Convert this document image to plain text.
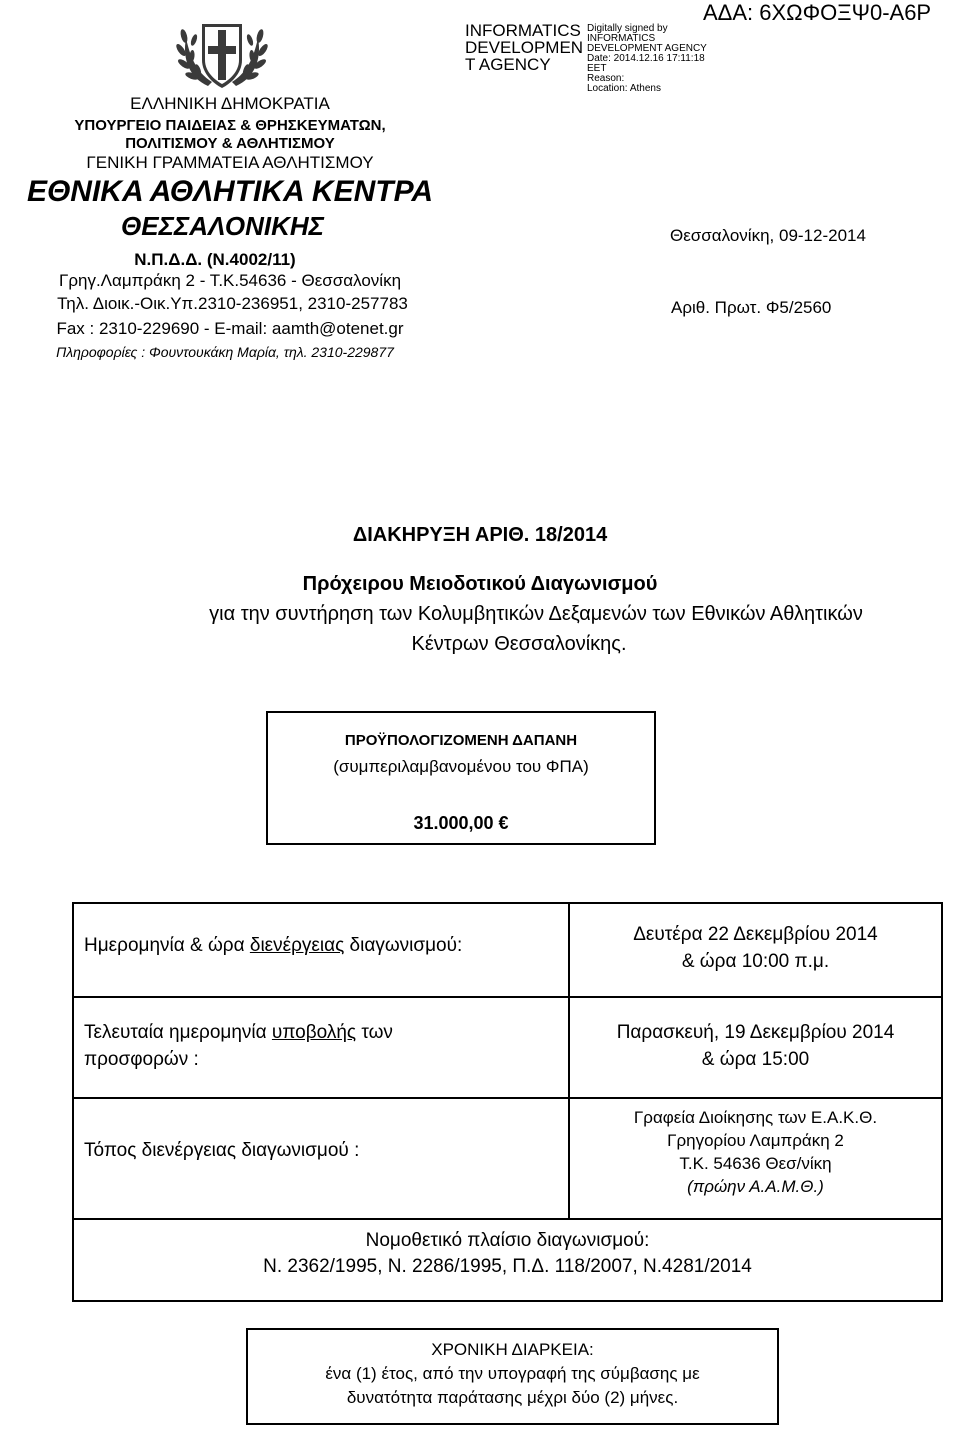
ΕΛΛΗΝΙΚΗ ΔΗΜΟΚΡΑΤΙΑ
ΥΠΟΥΡΓΕΙΟ ΠΑΙΔΕΙΑΣ & ΘΡΗΣΚΕΥΜΑΤΩΝ,
ΠΟΛΙΤΙΣΜΟΥ & ΑΘΛΗΤΙΣΜΟΥ
ΓΕΝΙΚΗ ΓΡΑΜΜΑΤΕΙΑ ΑΘΛΗΤΙΣΜΟΥ
ΕΘΝΙΚΑ ΑΘΛΗΤΙΚΑ ΚΕΝΤΡΑ
ΘΕΣΣΑΛΟΝΙΚΗΣ
Ν.Π.Δ.Δ. (Ν.4002/11)
Γρηγ.Λαμπράκη 2 - Τ.Κ.54636 - Θεσσαλονίκη
Τηλ. Διοικ.-Οικ.Υπ.2310-236951, 2310-257783
Fax : 2310-229690 - E-mail: aamth@otenet.gr
Πληροφορίες : Φουντουκάκη Μαρία, τηλ. 2310-229877
INFORMATICS
DEVELOPMEN
T AGENCY
Digitally signed by
INFORMATICS
DEVELOPMENT AGENCY
Date: 2014.12.16 17:11:18
EET
Reason:
Location: Athens
ΑΔΑ: 6ΧΩΦΟΞΨ0-Α6Ρ
Θεσσαλονίκη, 09-12-2014
Αριθ. Πρωτ. Φ5/2560
ΔΙΑΚΗΡΥΞΗ ΑΡΙΘ. 18/2014
Πρόχειρου Μειοδοτικού Διαγωνισμού
για την συντήρηση των Κολυμβητικών Δεξαμενών των Εθνικών Αθλητικών
Κέντρων Θεσσαλονίκης.
ΠΡΟΫΠΟΛΟΓΙΖΟΜΕΝΗ ΔΑΠΑΝΗ
(συμπεριλαμβανομένου του ΦΠΑ)
31.000,00 €
Ημερομηνία & ώρα διενέργειας διαγωνισμού:
Δευτέρα 22 Δεκεμβρίου 2014
& ώρα 10:00 π.μ.
Τελευταία ημερομηνία υποβολής των
προσφορών :
Παρασκευή, 19 Δεκεμβρίου 2014
& ώρα 15:00
Τόπος διενέργειας διαγωνισμού :
Γραφεία Διοίκησης των Ε.Α.Κ.Θ.
Γρηγορίου Λαμπράκη 2
Τ.Κ. 54636 Θεσ/νίκη
(πρώην Α.Α.Μ.Θ.)
Νομοθετικό πλαίσιο διαγωνισμού:
Ν. 2362/1995, Ν. 2286/1995, Π.Δ. 118/2007, Ν.4281/2014
ΧΡΟΝΙΚΗ ΔΙΑΡΚΕΙΑ:
ένα (1) έτος, από την υπογραφή της σύμβασης με
δυνατότητα παράτασης μέχρι δύο (2) μήνες.
